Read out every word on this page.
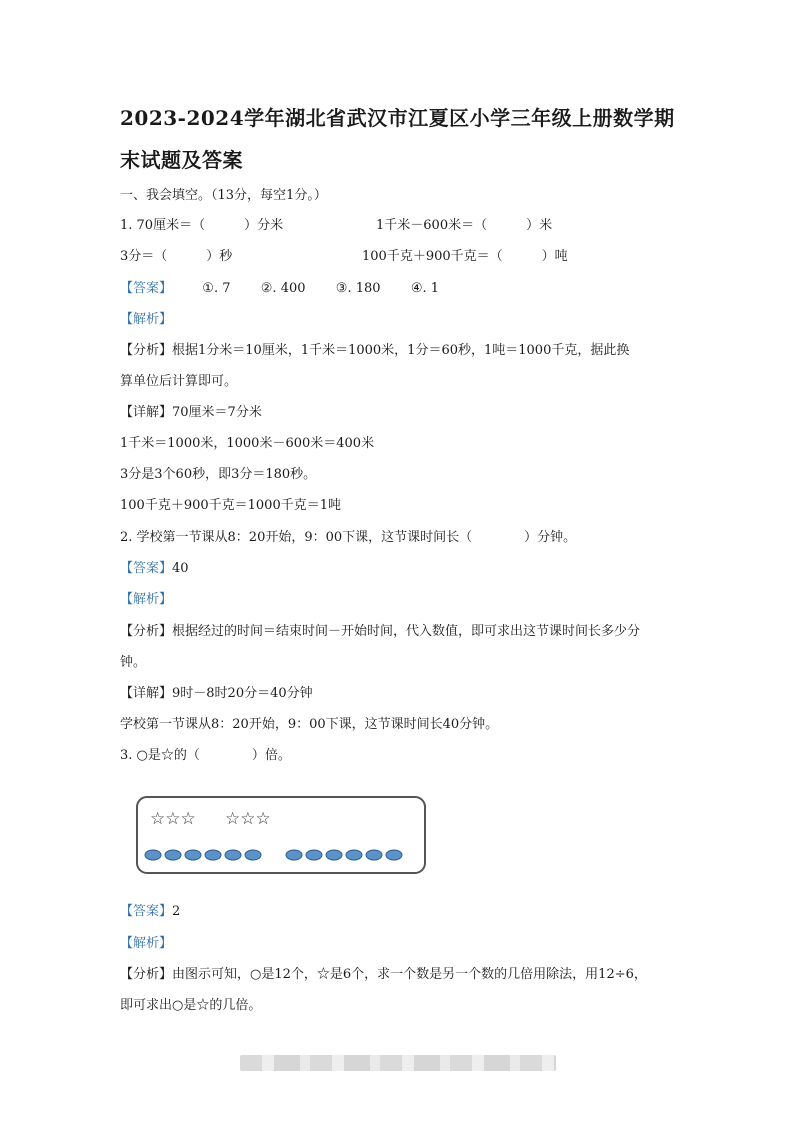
2023-2024学年湖北省武汉市江夏区小学三年级上册数学期末试题及答案
一、我会填空。（13分，每空1分。）
1. 70厘米＝（　　　）分米	1千米－600米＝（　　　）米
3分＝（　　　）秒	100千克＋900千克＝（　　　）吨
【答案】 ①. 7 ②. 400 ③. 180 ④. 1
【解析】
【分析】根据1分米＝10厘米，1千米＝1000米，1分＝60秒，1吨＝1000千克，据此换
算单位后计算即可。
【详解】70厘米＝7分米
1千米＝1000米，1000米－600米＝400米
3分是3个60秒，即3分＝180秒。
100千克＋900千克＝1000千克＝1吨
2. 学校第一节课从8：20开始，9：00下课，这节课时间长（　　　　）分钟。
【答案】40
【解析】
【分析】根据经过的时间＝结束时间－开始时间，代入数值，即可求出这节课时间长多少分
钟。
【详解】9时－8时20分＝40分钟
学校第一节课从8：20开始，9：00下课，这节课时间长40分钟。
3. ○是☆的（　　　　）倍。
☆☆☆ ☆☆☆
【答案】2
【解析】
【分析】由图示可知，○是12个，☆是6个，求一个数是另一个数的几倍用除法，用12÷6，
即可求出○是☆的几倍。
